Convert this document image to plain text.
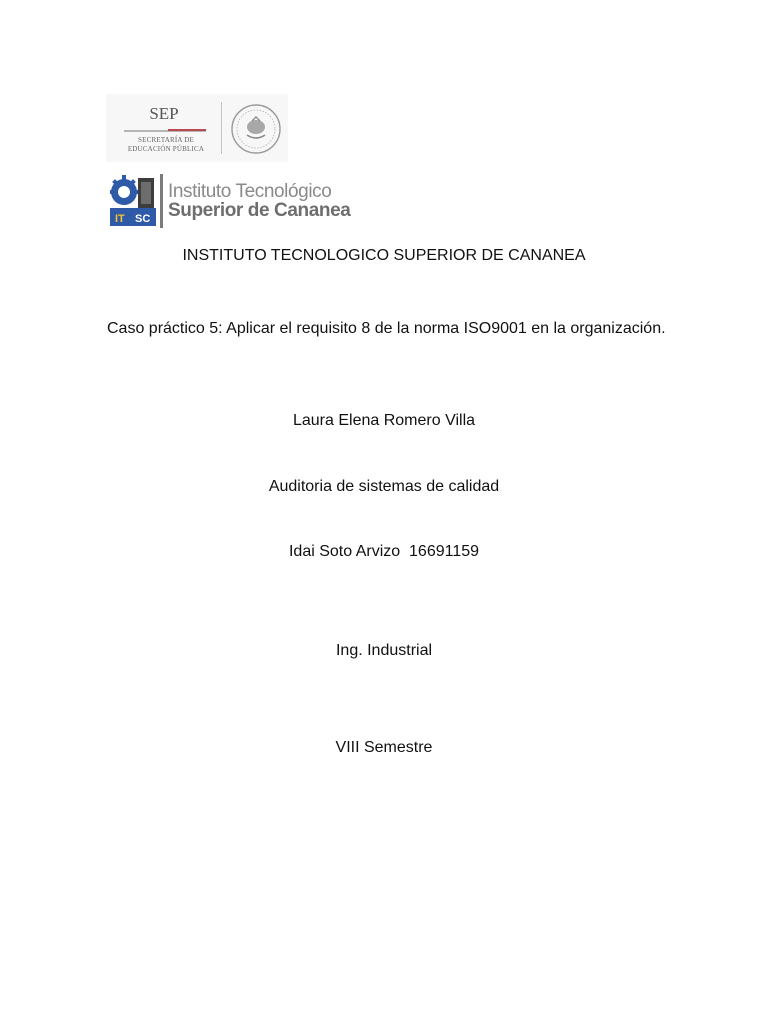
SEP
SECRETARÍA DE
EDUCACIÓN PÚBLICA
IT SC
Instituto Tecnológico
Superior de Cananea
INSTITUTO TECNOLOGICO SUPERIOR DE CANANEA
Caso práctico 5: Aplicar el requisito 8 de la norma ISO9001 en la organización.
Laura Elena Romero Villa
Auditoria de sistemas de calidad
Idai Soto Arvizo  16691159
Ing. Industrial
VIII Semestre
